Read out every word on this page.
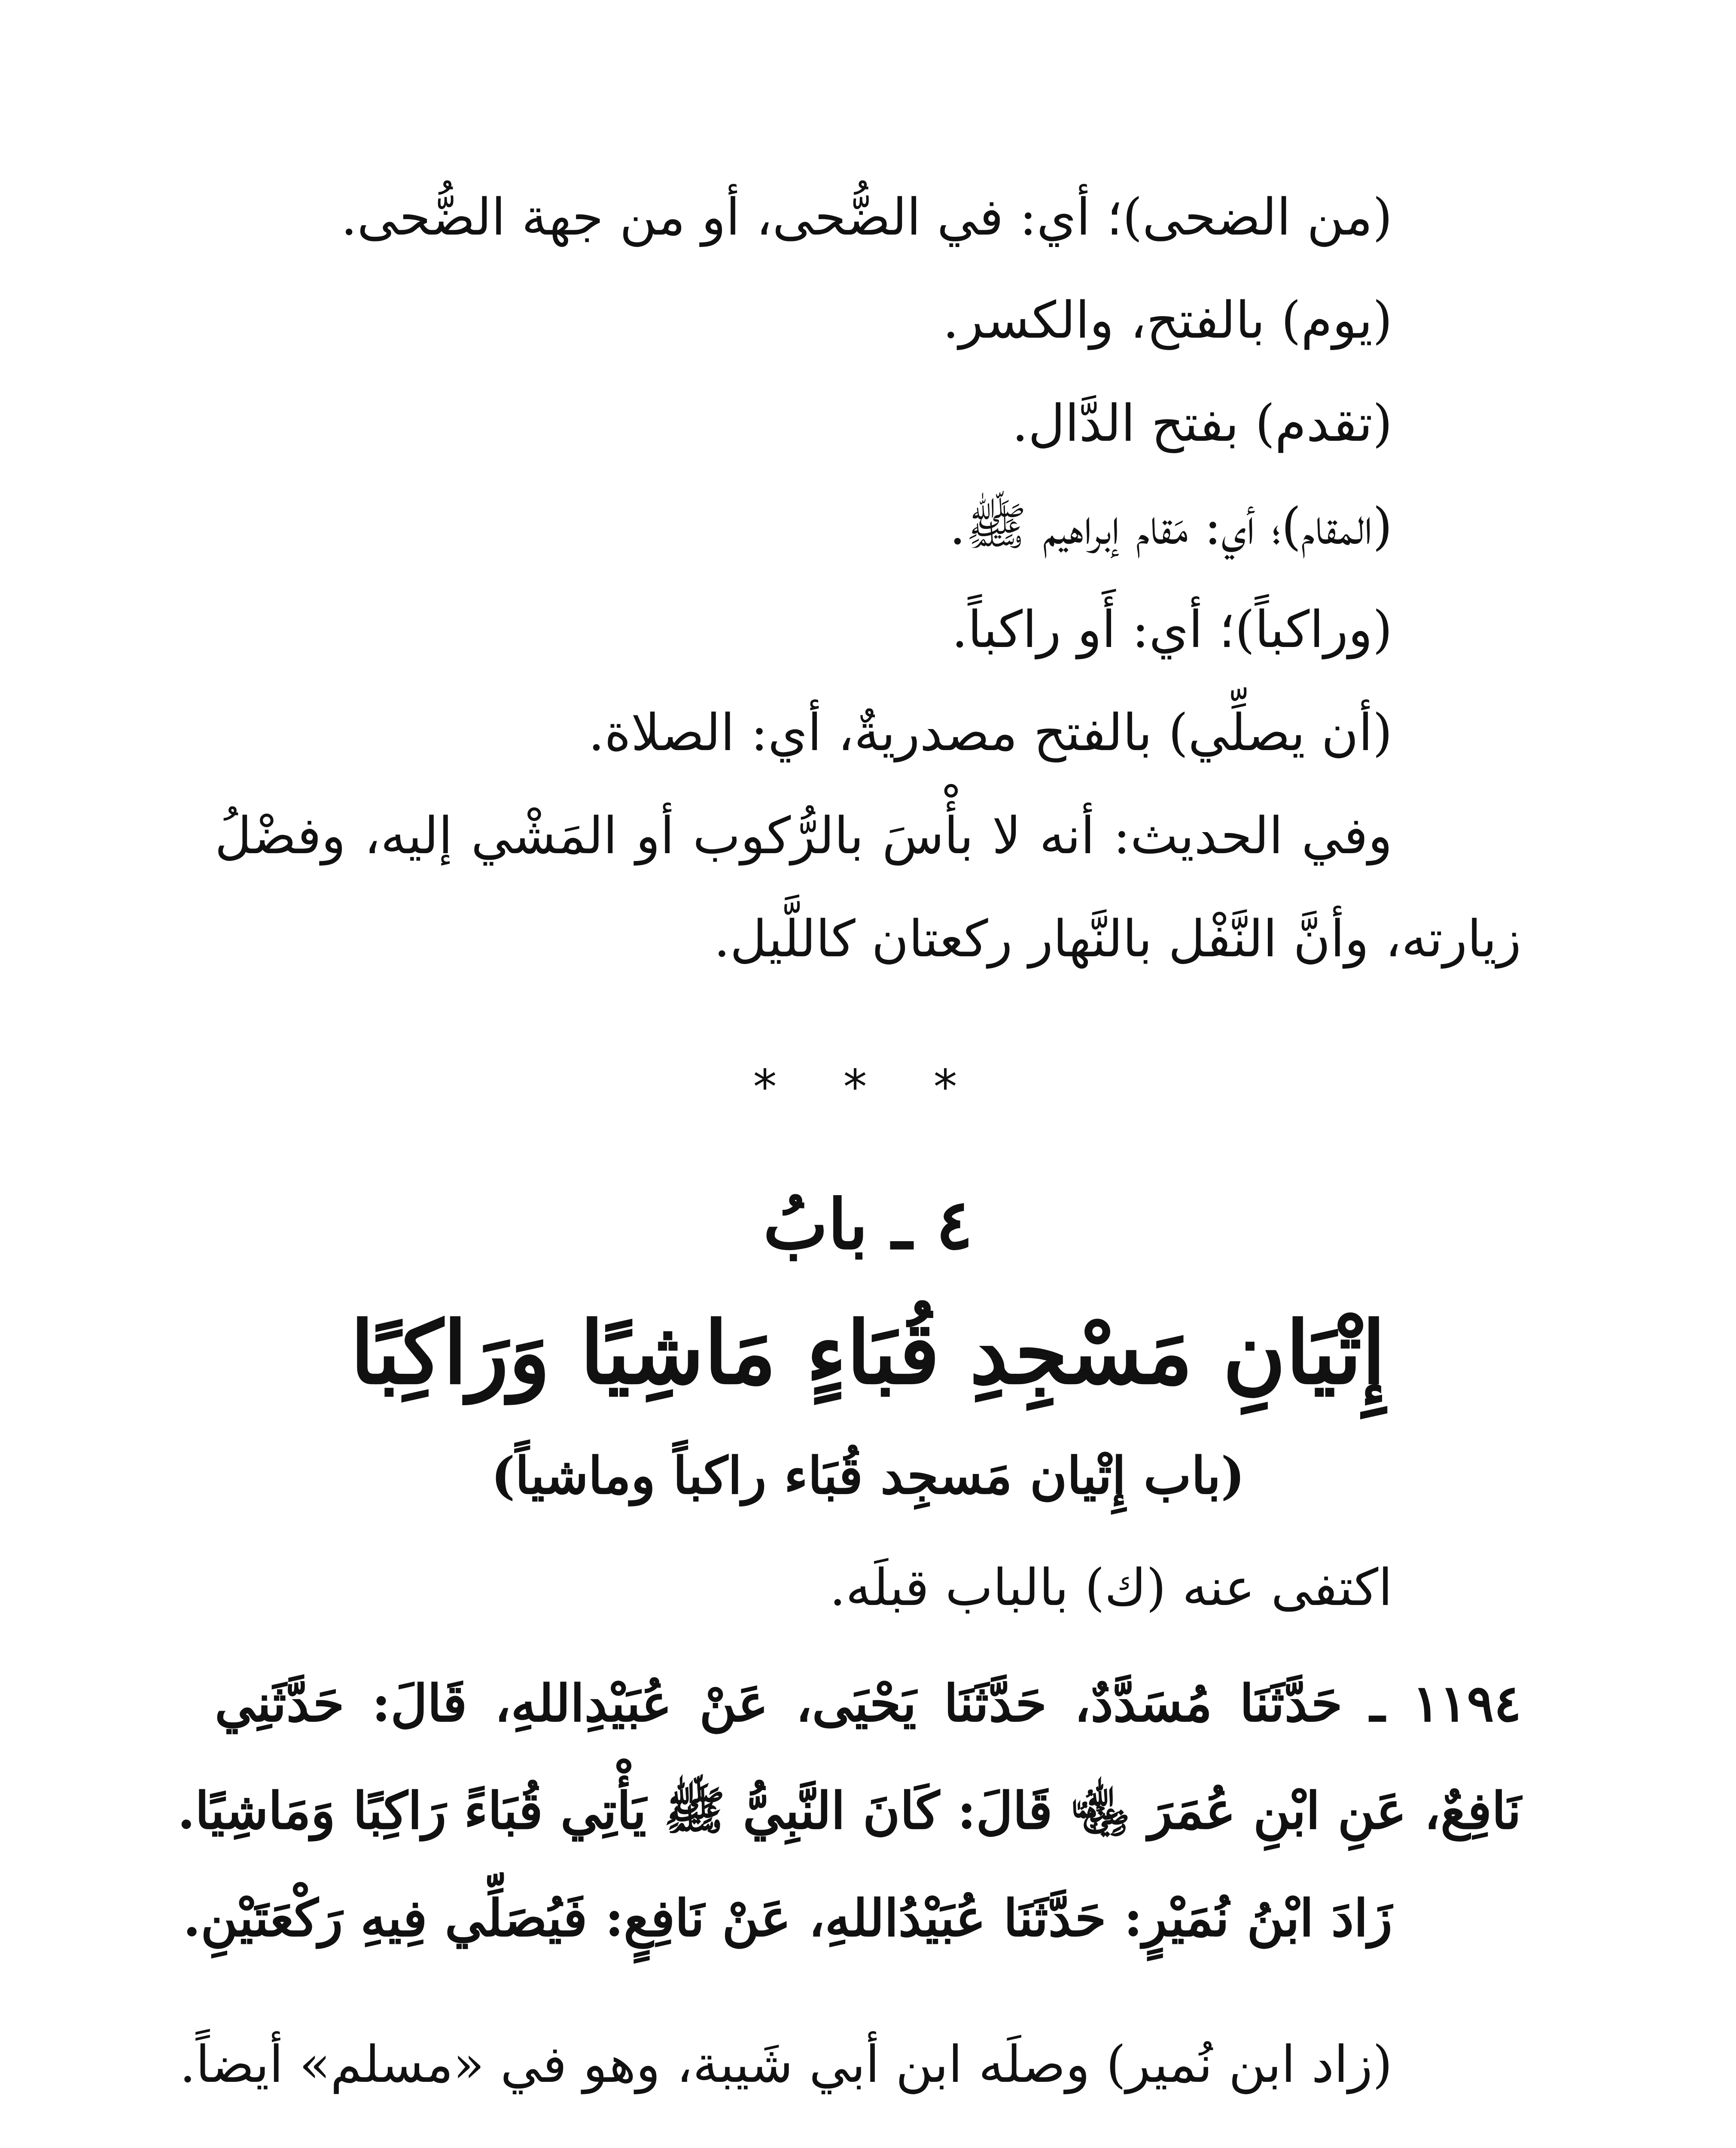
(من الضحى)؛ أي: في الضُّحى، أو من جهة الضُّحى.
(يوم) بالفتح، والكسر.
(تقدم) بفتح الدَّال.
(المقام)؛ أي: مَقام إبراهيم ﷺ.
(وراكباً)؛ أي: أَو راكباً.
(أن يصلِّي) بالفتح مصدريةٌ، أي: الصلاة.
وفي الحديث: أنه لا بأْسَ بالرُّكوب أو المَشْي إليه، وفضْلُ
زيارته، وأنَّ النَّفْل بالنَّهار ركعتان كاللَّيل.
* * *
٤ ـ بابُ
إِتْيَانِ مَسْجِدِ قُبَاءٍ مَاشِيًا وَرَاكِبًا
(باب إِتْيان مَسجِد قُبَاء راكباً وماشياً)
اكتفى عنه (ك) بالباب قبلَه.
١١٩٤ ـ حَدَّثَنَا مُسَدَّدٌ، حَدَّثَنَا يَحْيَى، عَنْ عُبَيْدِاللهِ، قَالَ: حَدَّثَنِي
نَافِعٌ، عَنِ ابْنِ عُمَرَ ﵄ قَالَ: كَانَ النَّبِيُّ ﷺ يَأْتِي قُبَاءً رَاكِبًا وَمَاشِيًا.
زَادَ ابْنُ نُمَيْرٍ: حَدَّثَنَا عُبَيْدُاللهِ، عَنْ نَافِعٍ: فَيُصَلِّي فِيهِ رَكْعَتَيْنِ.
(زاد ابن نُمير) وصلَه ابن أبي شَيبة، وهو في «مسلم» أيضاً.
